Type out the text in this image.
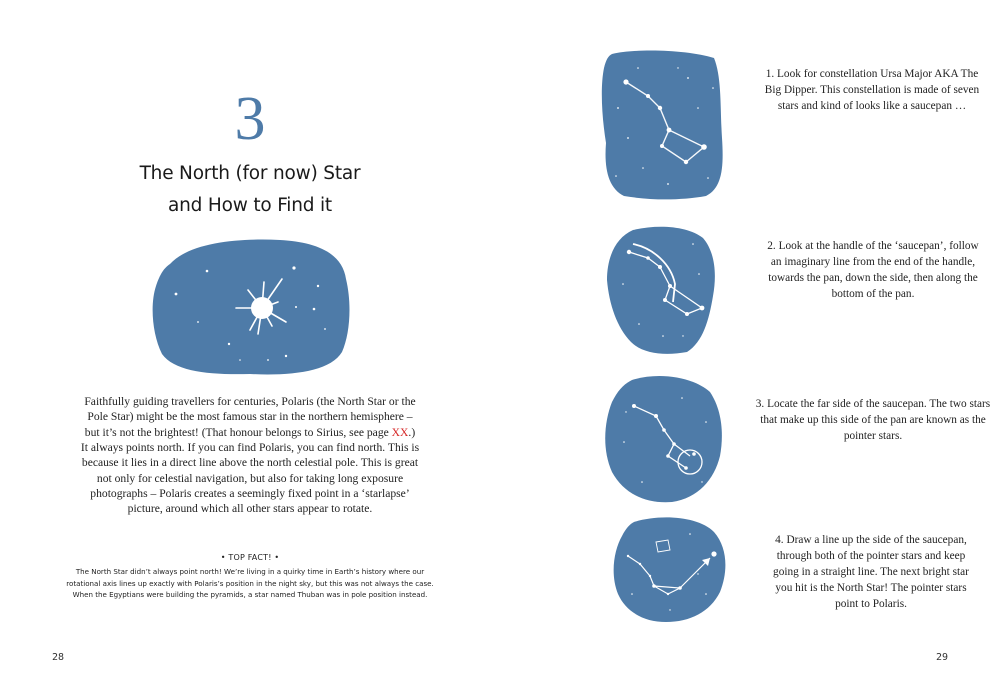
3
The North (for now) Star
and How to Find it
Faithfully guiding travellers for centuries, Polaris (the North Star or the Pole Star) might be the most famous star in the northern hemisphere – but it’s not the brightest! (That honour belongs to Sirius, see page XX.) It always points north. If you can find Polaris, you can find north. This is because it lies in a direct line above the north celestial pole. This is great not only for celestial navigation, but also for taking long exposure photographs – Polaris creates a seemingly fixed point in a ‘starlapse’ picture, around which all other stars appear to rotate.
• TOP FACT! •
The North Star didn’t always point north! We’re living in a quirky time in Earth’s history where our rotational axis lines up exactly with Polaris’s position in the night sky, but this was not always the case. When the Egyptians were building the pyramids, a star named Thuban was in pole position instead.
28
1. Look for constellation Ursa Major AKA The Big Dipper. This constellation is made of seven stars and kind of looks like a saucepan …
2. Look at the handle of the ‘saucepan’, follow an imaginary line from the end of the handle, towards the pan, down the side, then along the bottom of the pan.
3. Locate the far side of the saucepan. The two stars that make up this side of the pan are known as the pointer stars.
4. Draw a line up the side of the saucepan, through both of the pointer stars and keep going in a straight line. The next bright star you hit is the North Star! The pointer stars point to Polaris.
29
